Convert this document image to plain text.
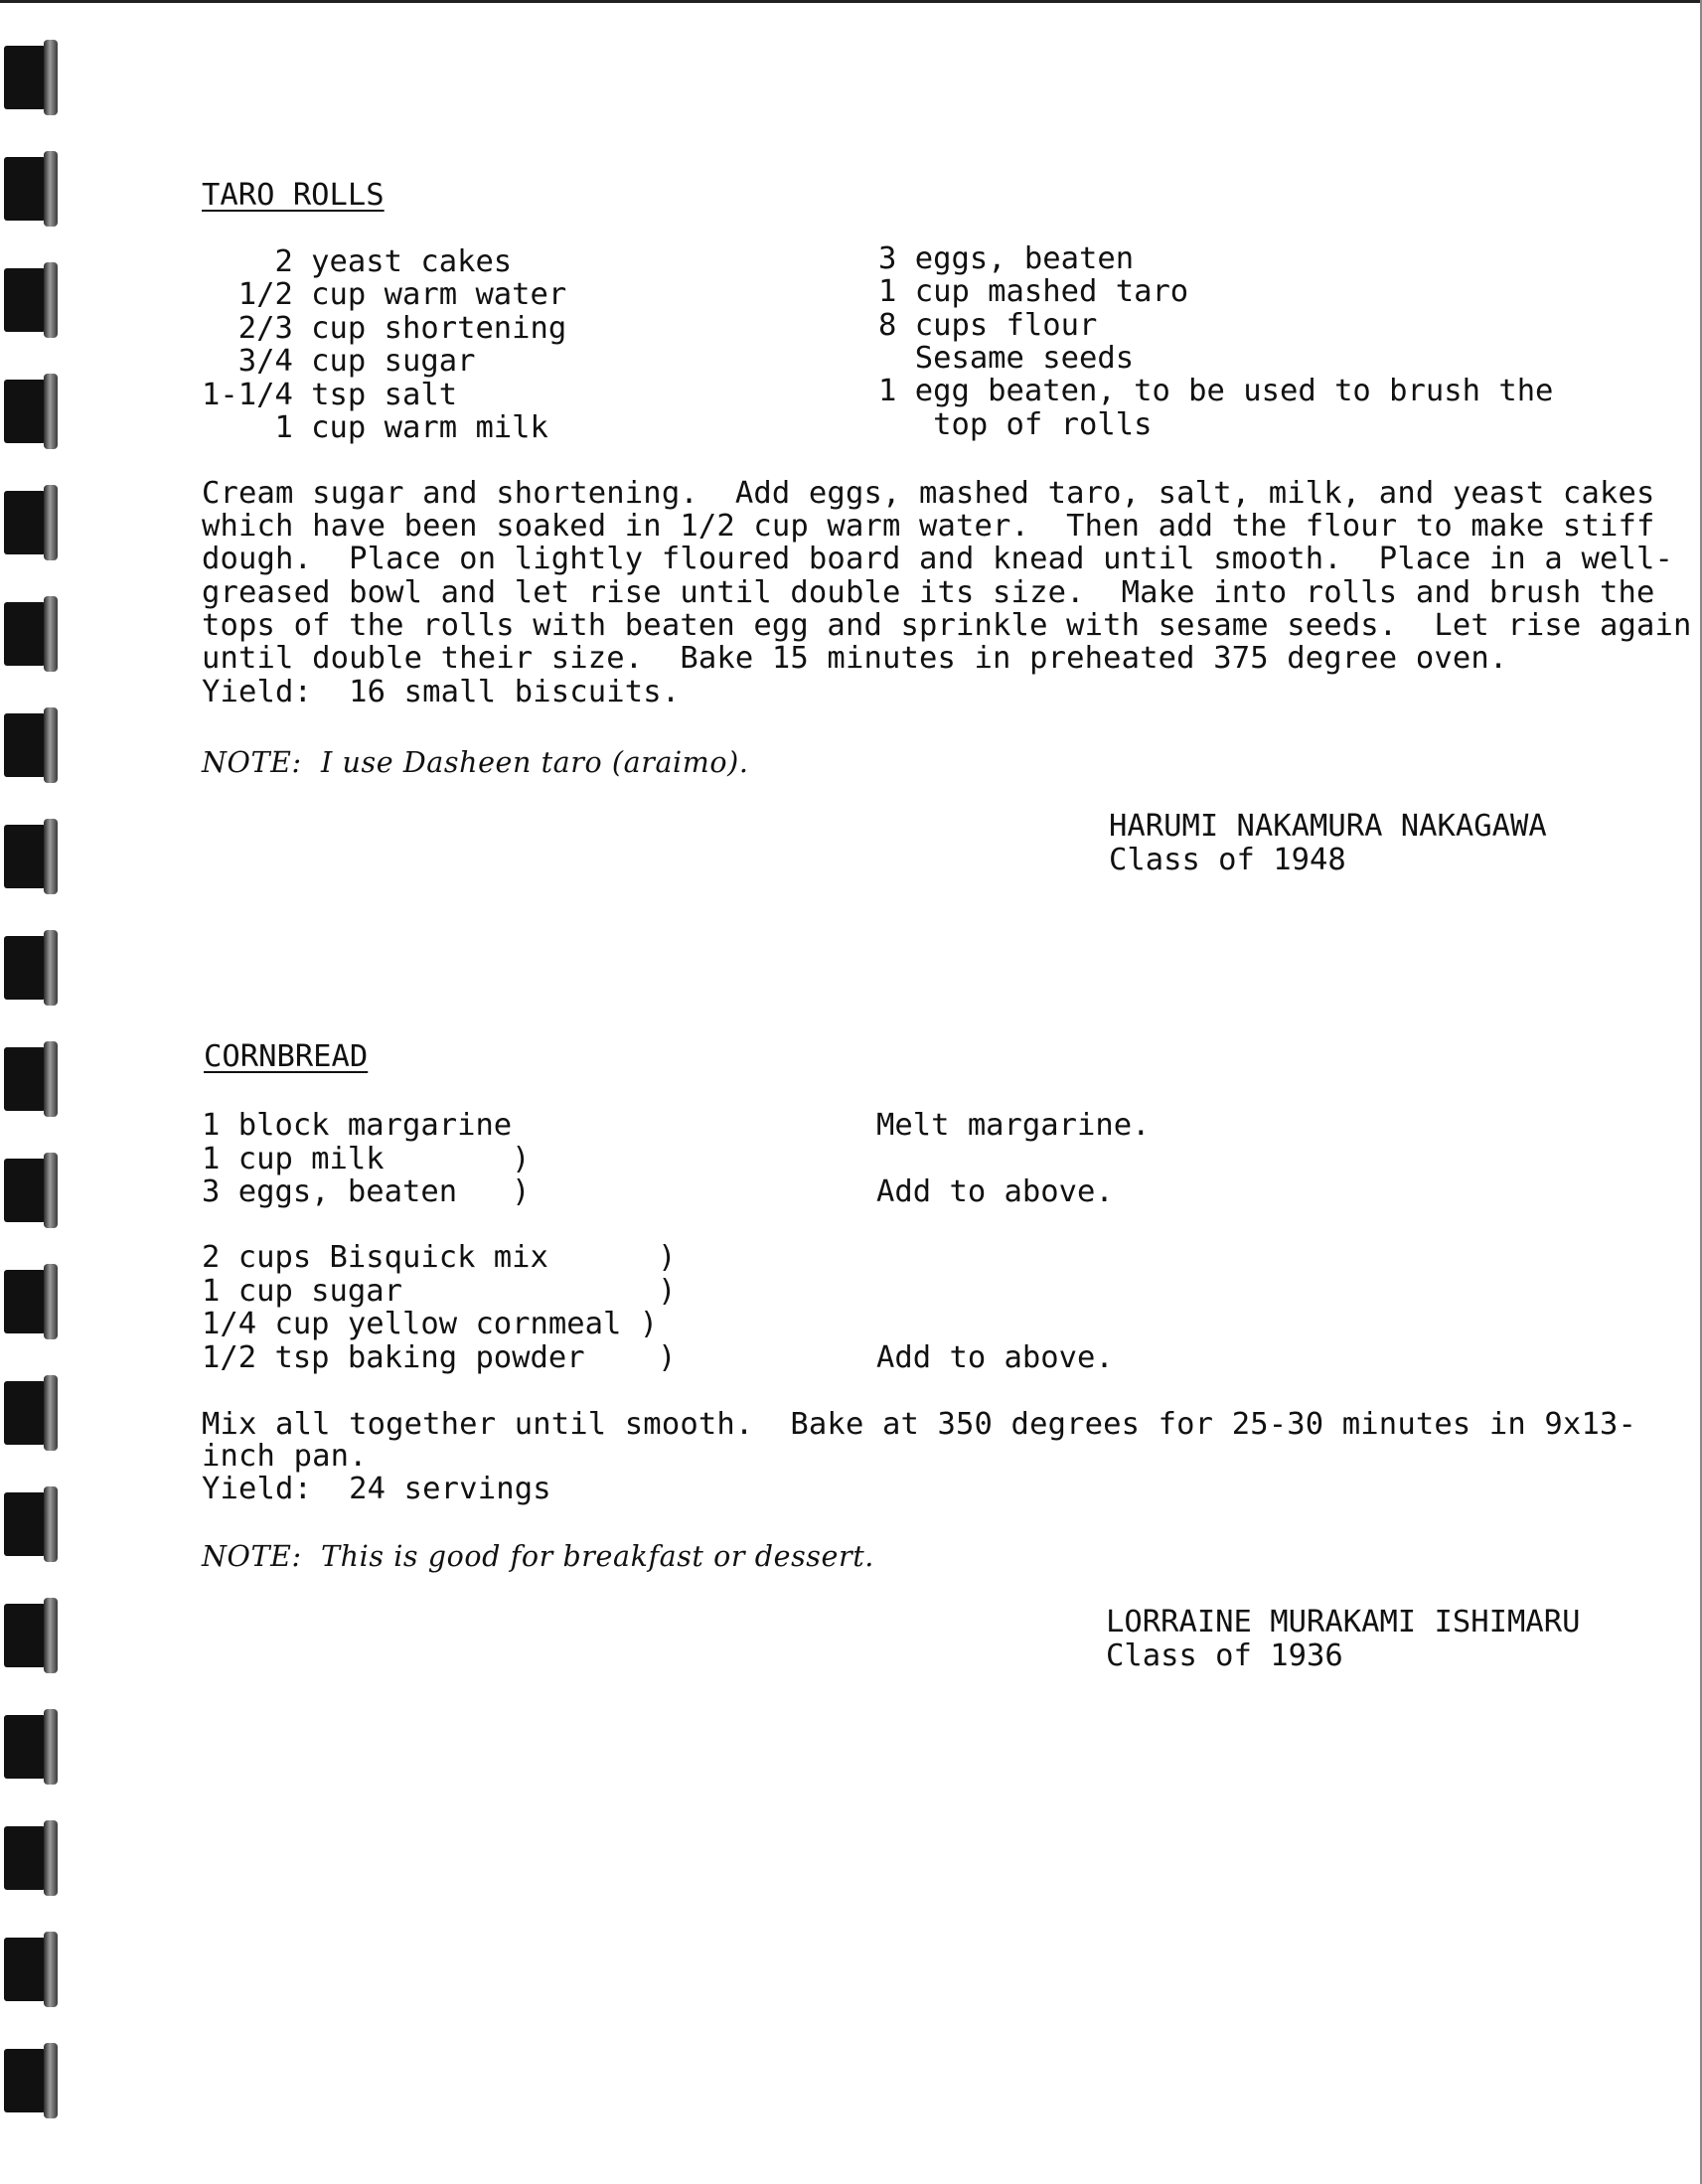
TARO ROLLS
2 yeast cakes
1/2 cup warm water
2/3 cup shortening
3/4 cup sugar
1-1/4 tsp salt
1 cup warm milk
3 eggs, beaten
1 cup mashed taro
8 cups flour
Sesame seeds
1 egg beaten, to be used to brush the
top of rolls
Cream sugar and shortening.  Add eggs, mashed taro, salt, milk, and yeast cakes
which have been soaked in 1/2 cup warm water.  Then add the flour to make stiff
dough.  Place on lightly floured board and knead until smooth.  Place in a well-
greased bowl and let rise until double its size.  Make into rolls and brush the
tops of the rolls with beaten egg and sprinkle with sesame seeds.  Let rise again
until double their size.  Bake 15 minutes in preheated 375 degree oven.
Yield:  16 small biscuits.
NOTE:  I use Dasheen taro (araimo).
HARUMI NAKAMURA NAKAGAWA
Class of 1948
CORNBREAD
1 block margarine
1 cup milk       )
3 eggs, beaten   )
2 cups Bisquick mix      )
1 cup sugar              )
1/4 cup yellow cornmeal )
1/2 tsp baking powder    )
Melt margarine.
Add to above.
Add to above.
Mix all together until smooth.  Bake at 350 degrees for 25-30 minutes in 9x13-
inch pan.
Yield:  24 servings
NOTE:  This is good for breakfast or dessert.
LORRAINE MURAKAMI ISHIMARU
Class of 1936
